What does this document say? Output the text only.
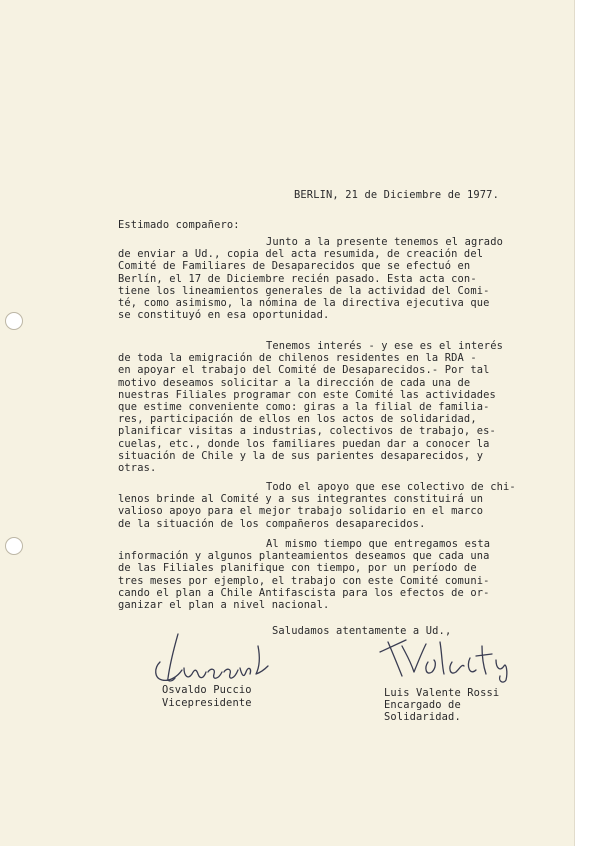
BERLIN, 21 de Diciembre de 1977.
Estimado compañero:
Junto a la presente tenemos el agrado
de enviar a Ud., copia del acta resumida, de creación del
Comité de Familiares de Desaparecidos que se efectuó en
Berlín, el 17 de Diciembre recién pasado. Esta acta con-
tiene los lineamientos generales de la actividad del Comi-
té, como asimismo, la nómina de la directiva ejecutiva que
se constituyó en esa oportunidad.
Tenemos interés - y ese es el interés
de toda la emigración de chilenos residentes en la RDA -
en apoyar el trabajo del Comité de Desaparecidos.- Por tal
motivo deseamos solicitar a la dirección de cada una de
nuestras Filiales programar con este Comité las actividades
que estime conveniente como: giras a la filial de familia-
res, participación de ellos en los actos de solidaridad,
planificar visitas a industrias, colectivos de trabajo, es-
cuelas, etc., donde los familiares puedan dar a conocer la
situación de Chile y la de sus parientes desaparecidos, y
otras.
Todo el apoyo que ese colectivo de chi-
lenos brinde al Comité y a sus integrantes constituirá un
valioso apoyo para el mejor trabajo solidario en el marco
de la situación de los compañeros desaparecidos.
Al mismo tiempo que entregamos esta
información y algunos planteamientos deseamos que cada una
de las Filiales planifique con tiempo, por un período de
tres meses por ejemplo, el trabajo con este Comité comuni-
cando el plan a Chile Antifascista para los efectos de or-
ganizar el plan a nivel nacional.
Saludamos atentamente a Ud.,
Osvaldo Puccio
Vicepresidente
Luis Valente Rossi
Encargado de
Solidaridad.
